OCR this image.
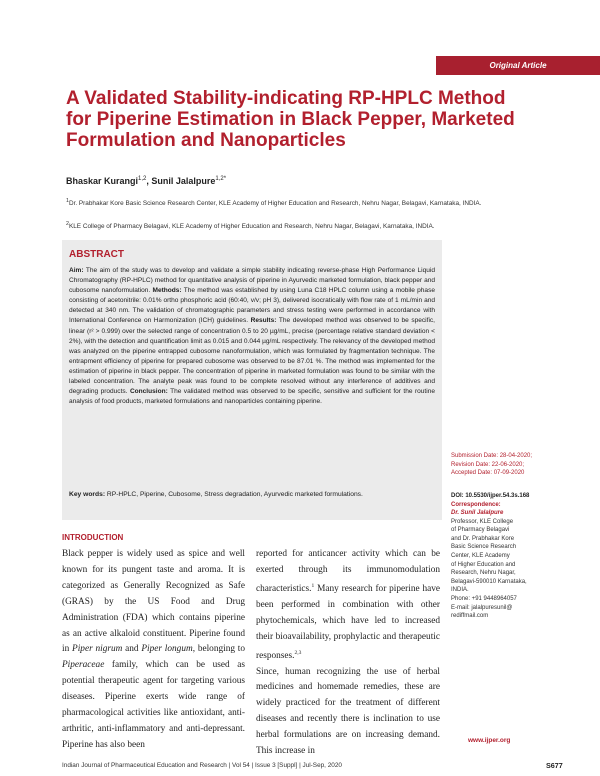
Original Article
A Validated Stability-indicating RP-HPLC Method for Piperine Estimation in Black Pepper, Marketed Formulation and Nanoparticles
Bhaskar Kurangi$^{1,2}$, Sunil Jalalpure$^{1,2*}$
$^1$Dr. Prabhakar Kore Basic Science Research Center, KLE Academy of Higher Education and Research, Nehru Nagar, Belagavi, Karnataka, INDIA.
$^2$KLE College of Pharmacy Belagavi, KLE Academy of Higher Education and Research, Nehru Nagar, Belagavi, Karnataka, INDIA.
ABSTRACT
Aim: The aim of the study was to develop and validate a simple stability indicating reverse-phase High Performance Liquid Chromatography (RP-HPLC) method for quantitative analysis of piperine in Ayurvedic marketed formulation, black pepper and cubosome nanoformulation. Methods: The method was established by using Luna C18 HPLC column using a mobile phase consisting of acetonitrile: 0.01% ortho phosphoric acid (60:40, v/v; pH 3), delivered isocratically with flow rate of 1 mL/min and detected at 340 nm. The validation of chromatographic parameters and stress testing were performed in accordance with International Conference on Harmonization (ICH) guidelines. Results: The developed method was observed to be specific, linear (r² > 0.999) over the selected range of concentration 0.5 to 20 µg/mL, precise (percentage relative standard deviation < 2%), with the detection and quantification limit as 0.015 and 0.044 µg/mL respectively. The relevancy of the developed method was analyzed on the piperine entrapped cubosome nanoformulation, which was formulated by fragmentation technique. The entrapment efficiency of piperine for prepared cubosome was observed to be 87.01 %. The method was implemented for the estimation of piperine in black pepper. The concentration of piperine in marketed formulation was found to be similar with the labeled concentration. The analyte peak was found to be complete resolved without any interference of additives and degrading products. Conclusion: The validated method was observed to be specific, sensitive and sufficient for the routine analysis of food products, marketed formulations and nanoparticles containing piperine.
Key words: RP-HPLC, Piperine, Cubosome, Stress degradation, Ayurvedic marketed formulations.
Submission Date: 28-04-2020;
Revision Date: 22-06-2020;
Accepted Date: 07-09-2020
DOI: 10.5530/ijper.54.3s.168
Correspondence:
Dr. Sunil Jalalpure
Professor, KLE College
of Pharmacy Belagavi
and Dr. Prabhakar Kore
Basic Science Research
Center, KLE Academy
of Higher Education and
Research, Nehru Nagar,
Belagavi-590010 Karnataka,
INDIA.
Phone: +91 9448964057
E-mail: jalalpuresunil@
rediffmail.com
INTRODUCTION
Black pepper is widely used as spice and well known for its pungent taste and aroma. It is categorized as Generally Recognized as Safe (GRAS) by the US Food and Drug Administration (FDA) which contains piperine as an active alkaloid constituent. Piperine found in Piper nigrum and Piper longum, belonging to Piperaceae family, which can be used as potential therapeutic agent for targeting various diseases. Piperine exerts wide range of pharmacological activities like antioxidant, anti-arthritic, anti-inflammatory and anti-depressant. Piperine has also been
reported for anticancer activity which can be exerted through its immunomodulation characteristics.$^1$ Many research for piperine have been performed in combination with other phytochemicals, which have led to increased their bioavailability, prophylactic and therapeutic responses.$^{2,3}$
Since, human recognizing the use of herbal medicines and homemade remedies, these are widely practiced for the treatment of different diseases and recently there is inclination to use herbal formulations are on increasing demand. This increase in
www.ijper.org
Indian Journal of Pharmaceutical Education and Research | Vol 54 | Issue 3 [Suppl] | Jul-Sep, 2020	S677
